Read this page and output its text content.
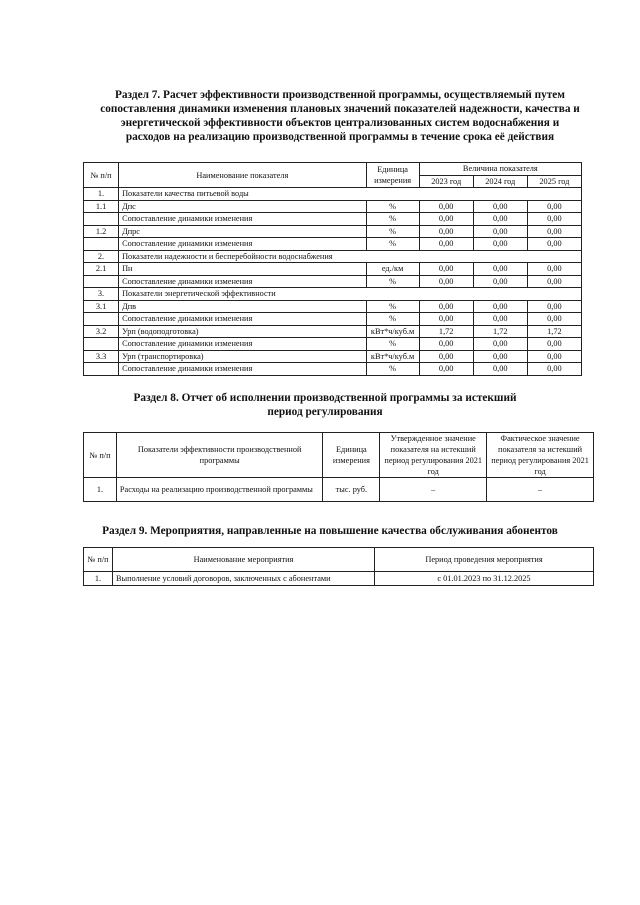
Раздел 7. Расчет эффективности производственной программы, осуществляемый путем сопоставления динамики изменения плановых значений показателей надежности, качества и энергетической эффективности объектов централизованных систем водоснабжения и расходов на реализацию производственной программы в течение срока её действия
№ п/п	Наименование показателя	Единица измерения	Величина показателя		
			2023 год	2024 год	2025 год
1.	Показатели качества питьевой воды				
1.1	Дпс	%	0,00	0,00	0,00
	Сопоставление динамики изменения	%	0,00	0,00	0,00
1.2	Дпрс	%	0,00	0,00	0,00
	Сопоставление динамики изменения	%	0,00	0,00	0,00
2.	Показатели надежности и бесперебойности водоснабжения				
2.1	Пн	ед./км	0,00	0,00	0,00
	Сопоставление динамики изменения	%	0,00	0,00	0,00
3.	Показатели энергетической эффективности				
3.1	Дпв	%	0,00	0,00	0,00
	Сопоставление динамики изменения	%	0,00	0,00	0,00
3.2	Урп (водоподготовка)	кВт*ч/куб.м	1,72	1,72	1,72
	Сопоставление динамики изменения	%	0,00	0,00	0,00
3.3	Урп (транспортировка)	кВт*ч/куб.м	0,00	0,00	0,00
	Сопоставление динамики изменения	%	0,00	0,00	0,00
Раздел 8. Отчет об исполнении производственной программы за истекший период регулирования
№ п/п	Показатели эффективности производственной программы	Единица измерения	Утвержденное значение показателя на истекший период регулирования 2021 год	Фактическое значение показателя за истекший период регулирования 2021 год
1.	Расходы на реализацию производственной программы	тыс. руб.	–	–
Раздел 9. Мероприятия, направленные на повышение качества обслуживания абонентов
№ п/п	Наименование мероприятия	Период проведения мероприятия
1.	Выполнение условий договоров, заключенных с абонентами	с 01.01.2023 по 31.12.2025
